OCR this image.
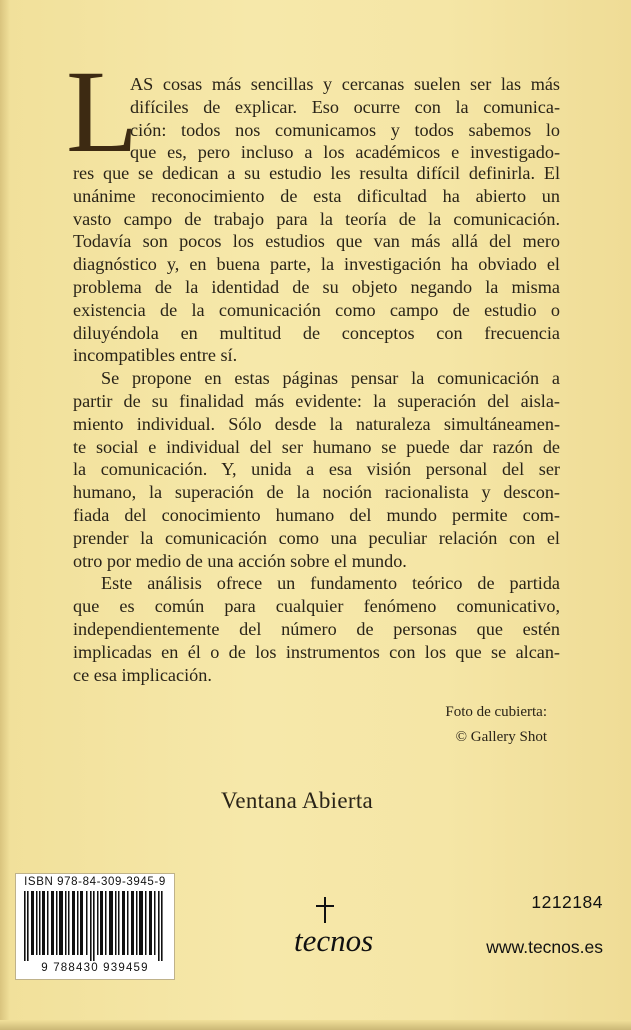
L
AS cosas más sencillas y cercanas suelen ser las más
difíciles de explicar. Eso ocurre con la comunica-
ción: todos nos comunicamos y todos sabemos lo
que es, pero incluso a los académicos e investigado-
res que se dedican a su estudio les resulta difícil definirla. El
unánime reconocimiento de esta dificultad ha abierto un
vasto campo de trabajo para la teoría de la comunicación.
Todavía son pocos los estudios que van más allá del mero
diagnóstico y, en buena parte, la investigación ha obviado el
problema de la identidad de su objeto negando la misma
existencia de la comunicación como campo de estudio o
diluyéndola en multitud de conceptos con frecuencia
incompatibles entre sí.
Se propone en estas páginas pensar la comunicación a
partir de su finalidad más evidente: la superación del aisla-
miento individual. Sólo desde la naturaleza simultáneamen-
te social e individual del ser humano se puede dar razón de
la comunicación. Y, unida a esa visión personal del ser
humano, la superación de la noción racionalista y descon-
fiada del conocimiento humano del mundo permite com-
prender la comunicación como una peculiar relación con el
otro por medio de una acción sobre el mundo.
Este análisis ofrece un fundamento teórico de partida
que es común para cualquier fenómeno comunicativo,
independientemente del número de personas que estén
implicadas en él o de los instrumentos con los que se alcan-
ce esa implicación.
Foto de cubierta:
© Gallery Shot
Ventana Abierta
ISBN 978-84-309-3945-9
9 788430 939459
tecnos
1212184
www.tecnos.es
